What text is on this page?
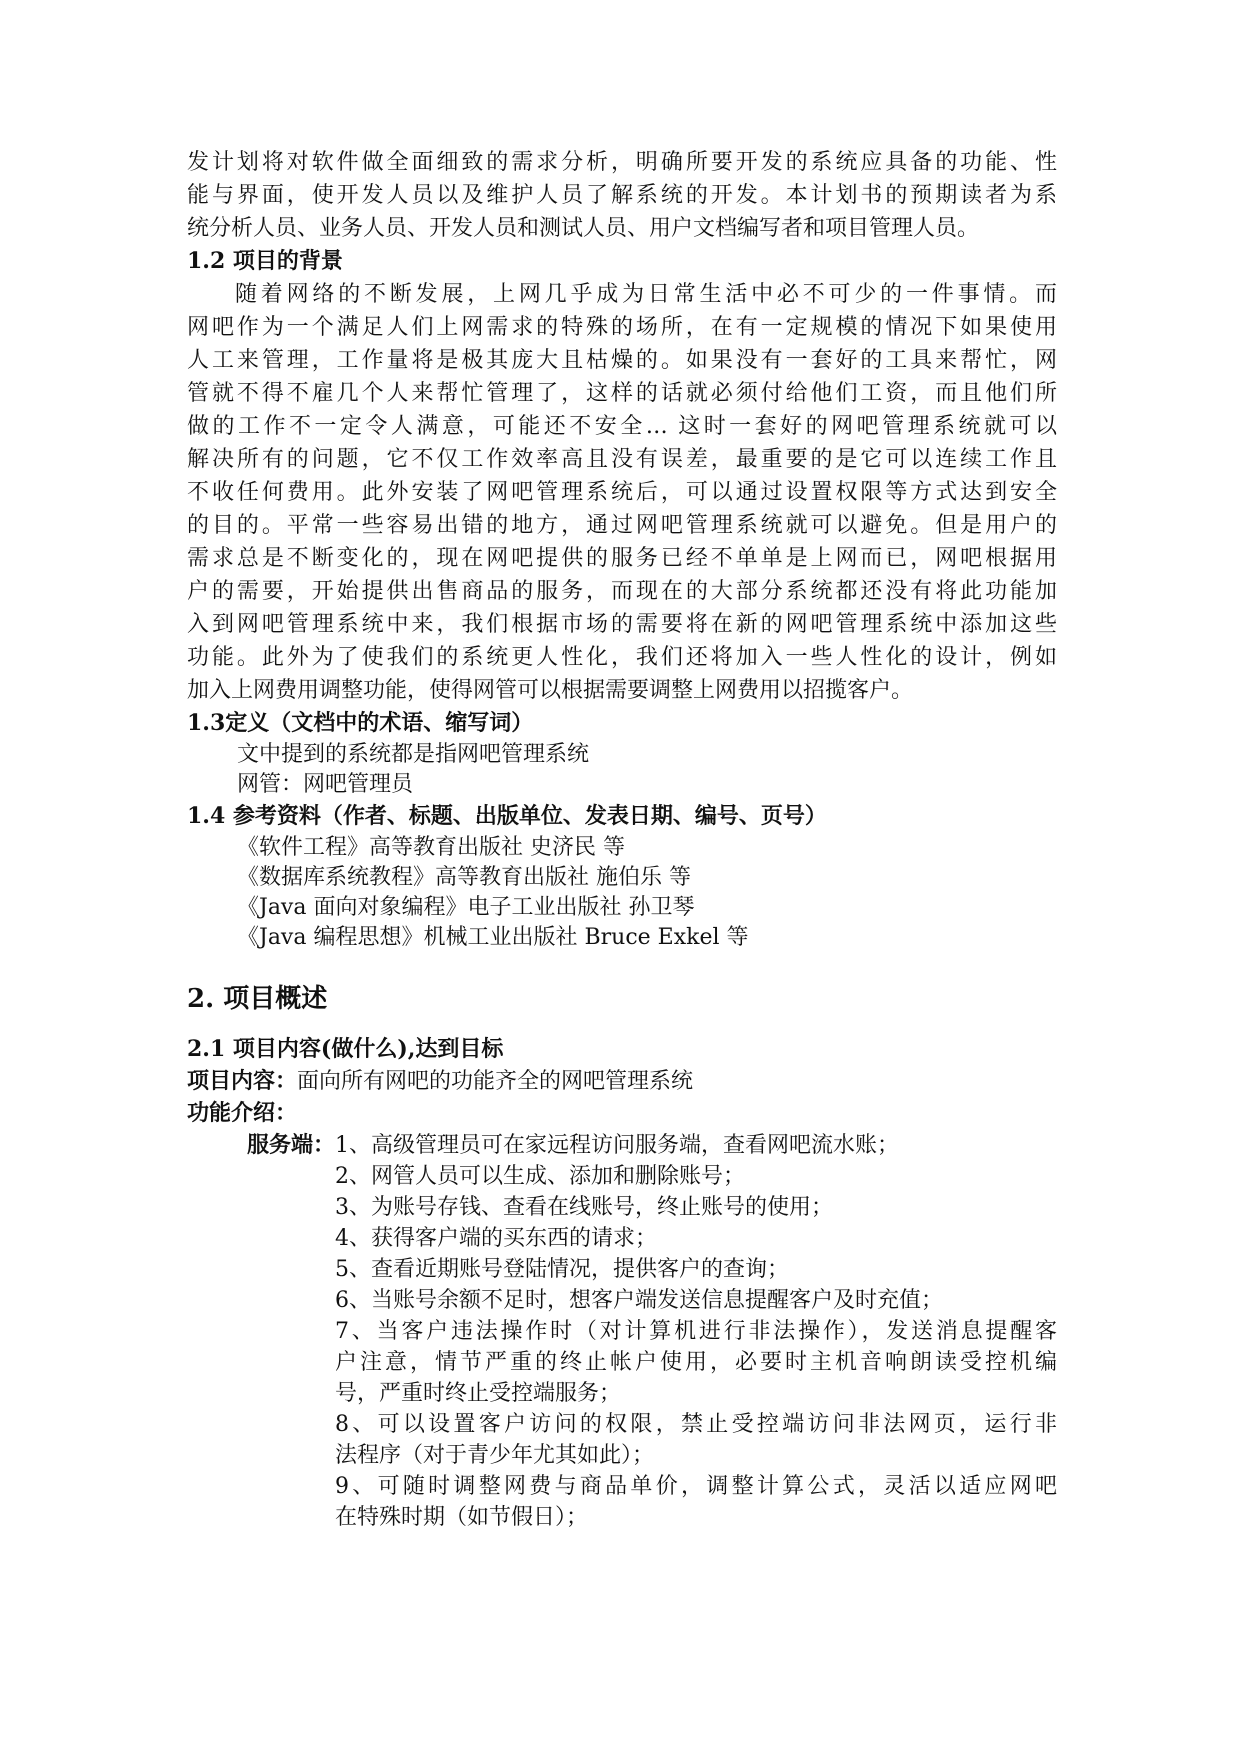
发计划将对软件做全面细致的需求分析，明确所要开发的系统应具备的功能、性
能与界面，使开发人员以及维护人员了解系统的开发。本计划书的预期读者为系
统分析人员、业务人员、开发人员和测试人员、用户文档编写者和项目管理人员。
1.2 项目的背景
随着网络的不断发展，上网几乎成为日常生活中必不可少的一件事情。而
网吧作为一个满足人们上网需求的特殊的场所，在有一定规模的情况下如果使用
人工来管理，工作量将是极其庞大且枯燥的。如果没有一套好的工具来帮忙，网
管就不得不雇几个人来帮忙管理了，这样的话就必须付给他们工资，而且他们所
做的工作不一定令人满意，可能还不安全… 这时一套好的网吧管理系统就可以
解决所有的问题，它不仅工作效率高且没有误差，最重要的是它可以连续工作且
不收任何费用。此外安装了网吧管理系统后，可以通过设置权限等方式达到安全
的目的。平常一些容易出错的地方，通过网吧管理系统就可以避免。但是用户的
需求总是不断变化的，现在网吧提供的服务已经不单单是上网而已，网吧根据用
户的需要，开始提供出售商品的服务，而现在的大部分系统都还没有将此功能加
入到网吧管理系统中来，我们根据市场的需要将在新的网吧管理系统中添加这些
功能。此外为了使我们的系统更人性化，我们还将加入一些人性化的设计，例如
加入上网费用调整功能，使得网管可以根据需要调整上网费用以招揽客户。
1.3定义（文档中的术语、缩写词）
文中提到的系统都是指网吧管理系统
网管：网吧管理员
1.4 参考资料（作者、标题、出版单位、发表日期、编号、页号）
《软件工程》高等教育出版社 史济民 等
《数据库系统教程》高等教育出版社 施伯乐 等
《Java 面向对象编程》电子工业出版社 孙卫琴
《Java 编程思想》机械工业出版社 Bruce Exkel 等
2. 项目概述
2.1 项目内容(做什么),达到目标
项目内容：面向所有网吧的功能齐全的网吧管理系统
功能介绍：
服务端：1、高级管理员可在家远程访问服务端，查看网吧流水账；
2、网管人员可以生成、添加和删除账号；
3、为账号存钱、查看在线账号，终止账号的使用；
4、获得客户端的买东西的请求；
5、查看近期账号登陆情况，提供客户的查询；
6、当账号余额不足时，想客户端发送信息提醒客户及时充值；
7、当客户违法操作时（对计算机进行非法操作），发送消息提醒客
户注意，情节严重的终止帐户使用，必要时主机音响朗读受控机编
号，严重时终止受控端服务；
8、可以设置客户访问的权限，禁止受控端访问非法网页，运行非
法程序（对于青少年尤其如此）；
9、可随时调整网费与商品单价，调整计算公式，灵活以适应网吧
在特殊时期（如节假日）；
